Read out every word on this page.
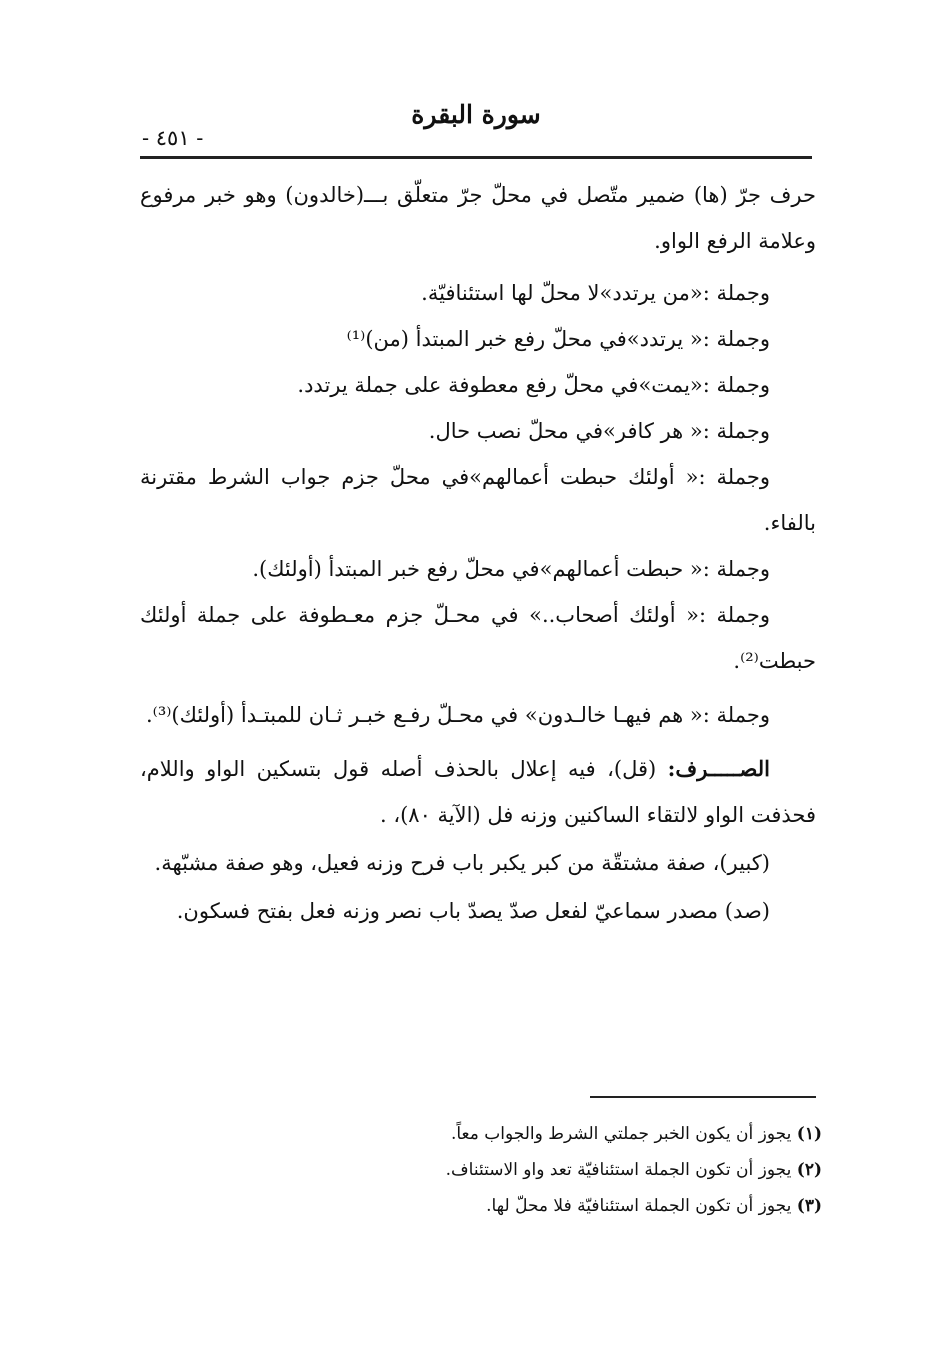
سورة البقرة
- ٤٥١ -

حرف جرّ (ها) ضمير متّصل في محلّ جرّ متعلّق بـــ(خالدون) وهو خبر مرفوع وعلامة الرفع الواو.

وجملة :«من يرتدد»لا محلّ لها استئنافيّة.

وجملة :« يرتدد»في محلّ رفع خبر المبتدأ (من)⁽¹⁾

وجملة :«يمت»في محلّ رفع معطوفة على جملة يرتدد.

وجملة :« هر كافر»في محلّ نصب حال.

وجملة :« أولئك حبطت أعمالهم»في محلّ جزم جواب الشرط مقترنة بالفاء.

وجملة :« حبطت أعمالهم»في محلّ رفع خبر المبتدأ (أولئك).

وجملة :« أولئك أصحاب..» في محـلّ جزم معـطوفة على جملة أولئك حبطت⁽²⁾.

وجملة :« هم فيهـا خالـدون» في محـلّ رفـع خبـر ثـان للمبتـدأ (أولئك)⁽³⁾.

الصـــــرف: (قل)، فيه إعلال بالحذف أصله قول بتسكين الواو واللام، فحذفت الواو لالتقاء الساكنين وزنه فل (الآية ٨٠)، .

(كبير)، صفة مشتقّة من كبر يكبر باب فرح وزنه فعيل، وهو صفة مشبّهة.

(صد) مصدر سماعيّ لفعل صدّ يصدّ باب نصر وزنه فعل بفتح فسكون.

(١) يجوز أن يكون الخبر جملتي الشرط والجواب معاً.

(٢) يجوز أن تكون الجملة استئنافيّة تعد واو الاستئناف.

(٣) يجوز أن تكون الجملة استئنافيّة فلا محلّ لها.
